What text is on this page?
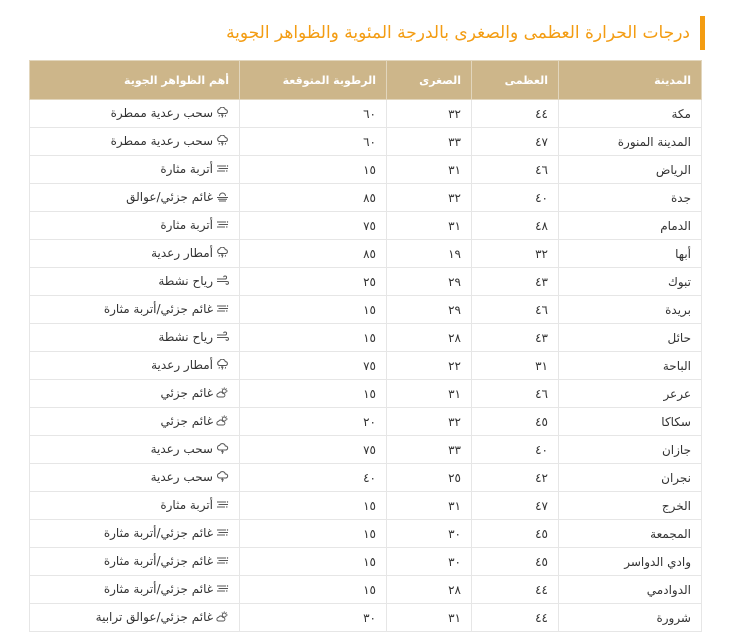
درجات الحرارة العظمى والصغرى بالدرجة المئوية والظواهر الجوية
المدينة	العظمى	الصغرى	الرطوبة المتوقعة	أهم الظواهر الجوية
مكة	٤٤	٣٢	٦٠	سحب رعدية ممطرة

المدينة المنورة	٤٧	٣٣	٦٠	سحب رعدية ممطرة

الرياض	٤٦	٣١	١٥	أتربة مثارة

جدة	٤٠	٣٢	٨٥	غائم جزئي/عوالق

الدمام	٤٨	٣١	٧٥	أتربة مثارة

أبها	٣٢	١٩	٨٥	أمطار رعدية

تبوك	٤٣	٢٩	٢٥	رياح نشطة

بريدة	٤٦	٢٩	١٥	غائم جزئي/أتربة مثارة

حائل	٤٣	٢٨	١٥	رياح نشطة

الباحة	٣١	٢٢	٧٥	أمطار رعدية

عرعر	٤٦	٣١	١٥	غائم جزئي

سكاكا	٤٥	٣٢	٢٠	غائم جزئي

جازان	٤٠	٣٣	٧٥	سحب رعدية

نجران	٤٢	٢٥	٤٠	سحب رعدية

الخرج	٤٧	٣١	١٥	أتربة مثارة

المجمعة	٤٥	٣٠	١٥	غائم جزئي/أتربة مثارة

وادي الدواسر	٤٥	٣٠	١٥	غائم جزئي/أتربة مثارة

الدوادمي	٤٤	٢٨	١٥	غائم جزئي/أتربة مثارة

شرورة	٤٤	٣١	٣٠	غائم جزئي/عوالق ترابية
